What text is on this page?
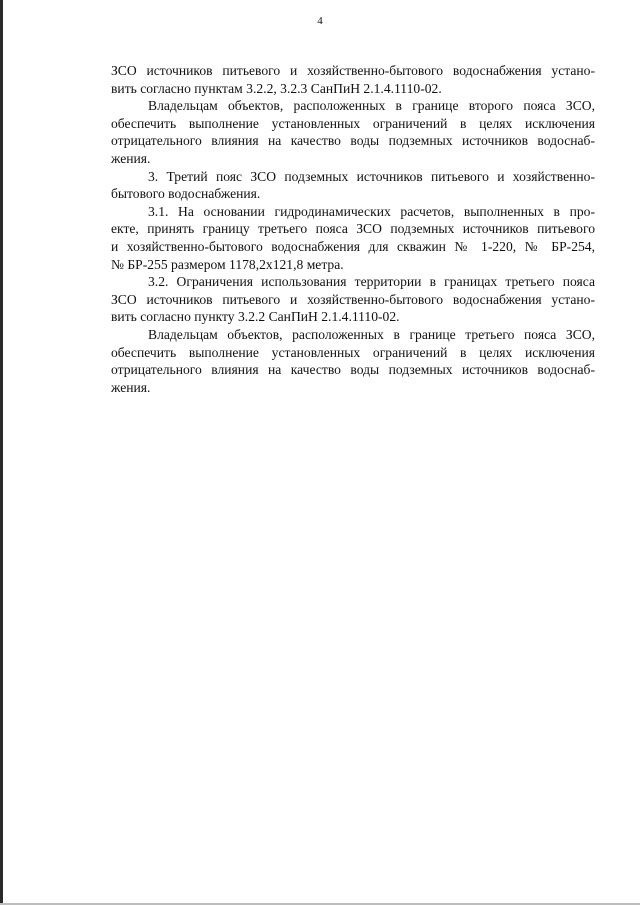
4
ЗСО источников питьевого и хозяйственно-бытового водоснабжения устано-
вить согласно пунктам 3.2.2, 3.2.3 СанПиН 2.1.4.1110-02.
Владельцам объектов, расположенных в границе второго пояса ЗСО,
обеспечить выполнение установленных ограничений в целях исключения
отрицательного влияния на качество воды подземных источников водоснаб-
жения.
3. Третий пояс ЗСО подземных источников питьевого и хозяйственно-
бытового водоснабжения.
3.1. На основании гидродинамических расчетов, выполненных в про-
екте, принять границу третьего пояса ЗСО подземных источников питьевого
и хозяйственно-бытового водоснабжения для скважин № 1-220, № БР-254,
№ БР-255 размером 1178,2х121,8 метра.
3.2. Ограничения использования территории в границах третьего пояса
ЗСО источников питьевого и хозяйственно-бытового водоснабжения устано-
вить согласно пункту 3.2.2 СанПиН 2.1.4.1110-02.
Владельцам объектов, расположенных в границе третьего пояса ЗСО,
обеспечить выполнение установленных ограничений в целях исключения
отрицательного влияния на качество воды подземных источников водоснаб-
жения.
